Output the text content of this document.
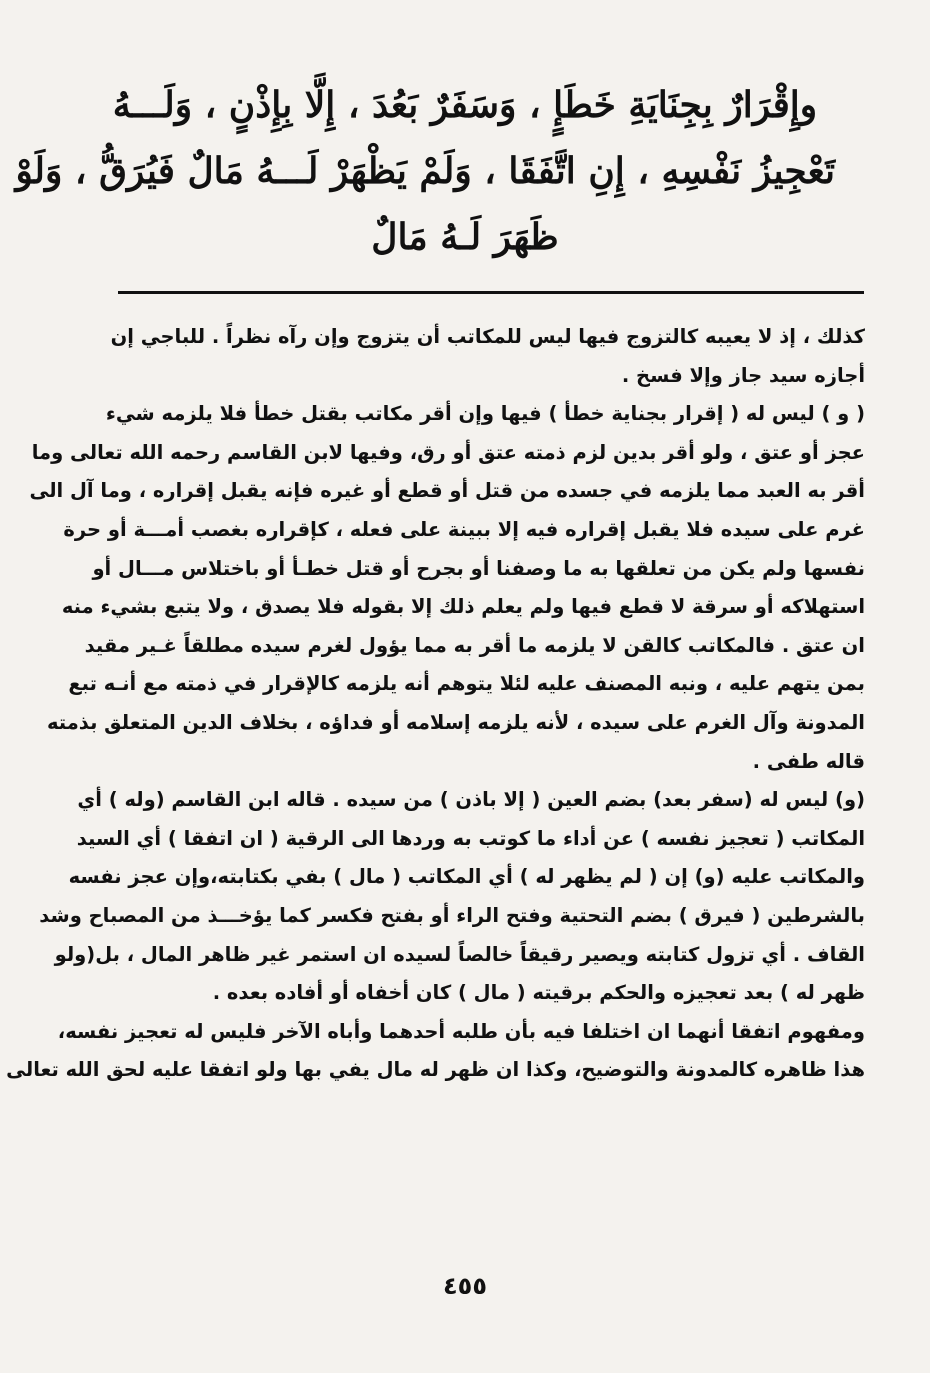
وإِقْرَارٌ بِجِنَايَةِ خَطَإٍ ، وَسَفَرٌ بَعُدَ ، إِلَّا بِإِذْنٍ ، وَلَـــهُ
تَعْجِيزُ نَفْسِهِ ، إِنِ اتَّفَقَا ، وَلَمْ يَظْهَرْ لَـــهُ مَالٌ فَيُرَقُّ ، وَلَوْ
ظَهَرَ لَـهُ مَالٌ
كذلك ، إذ لا يعيبه كالتزوج فيها ليس للمكاتب أن يتزوج وإن رآه نظراً . للباجي إن
أجازه سيد جاز وإلا فسخ .
( و ) ليس له ( إقرار بجناية خطأ ) فيها وإن أقر مكاتب بقتل خطأ فلا يلزمه شيء
عجز أو عتق ، ولو أقر بدين لزم ذمته عتق أو رق، وفيها لابن القاسم رحمه الله تعالى وما
أقر به العبد مما يلزمه في جسده من قتل أو قطع أو غيره فإنه يقبل إقراره ، وما آل الى
غرم على سيده فلا يقبل إقراره فيه إلا ببينة على فعله ، كإقراره بغصب أمـــة أو حرة
نفسها ولم يكن من تعلقها به ما وصفنا أو بجرح أو قتل خطـأ أو باختلاس مـــال أو
استهلاكه أو سرقة لا قطع فيها ولم يعلم ذلك إلا بقوله فلا يصدق ، ولا يتبع بشيء منه
ان عتق . فالمكاتب كالقن لا يلزمه ما أقر به مما يؤول لغرم سيده مطلقاً غـير مقيد
بمن يتهم عليه ، ونبه المصنف عليه لئلا يتوهم أنه يلزمه كالإقرار في ذمته مع أنـه تبع
المدونة وآل الغرم على سيده ، لأنه يلزمه إسلامه أو فداؤه ، بخلاف الدين المتعلق بذمته
قاله طفى .
(و) ليس له (سفر بعد) بضم العين ( إلا باذن ) من سيده . قاله ابن القاسم (وله ) أي
المكاتب ( تعجيز نفسه ) عن أداء ما كوتب به وردها الى الرقية ( ان اتفقا ) أي السيد
والمكاتب عليه (و) إن ( لم يظهر له ) أي المكاتب ( مال ) بفي بكتابته،وإن عجز نفسه
بالشرطين ( فيرق ) بضم التحتية وفتح الراء أو بفتح فكسر كما يؤخـــذ من المصباح وشد
القاف . أي تزول كتابته ويصير رقيقاً خالصاً لسيده ان استمر غير ظاهر المال ، بل(ولو
ظهر له ) بعد تعجيزه والحكم برقيته ( مال ) كان أخفاه أو أفاده بعده .
ومفهوم اتفقا أنهما ان اختلفا فيه بأن طلبه أحدهما وأباه الآخر فليس له تعجيز نفسه،
هذا ظاهره كالمدونة والتوضيح، وكذا ان ظهر له مال يفي بها ولو اتفقا عليه لحق الله تعالى
٤٥٥
